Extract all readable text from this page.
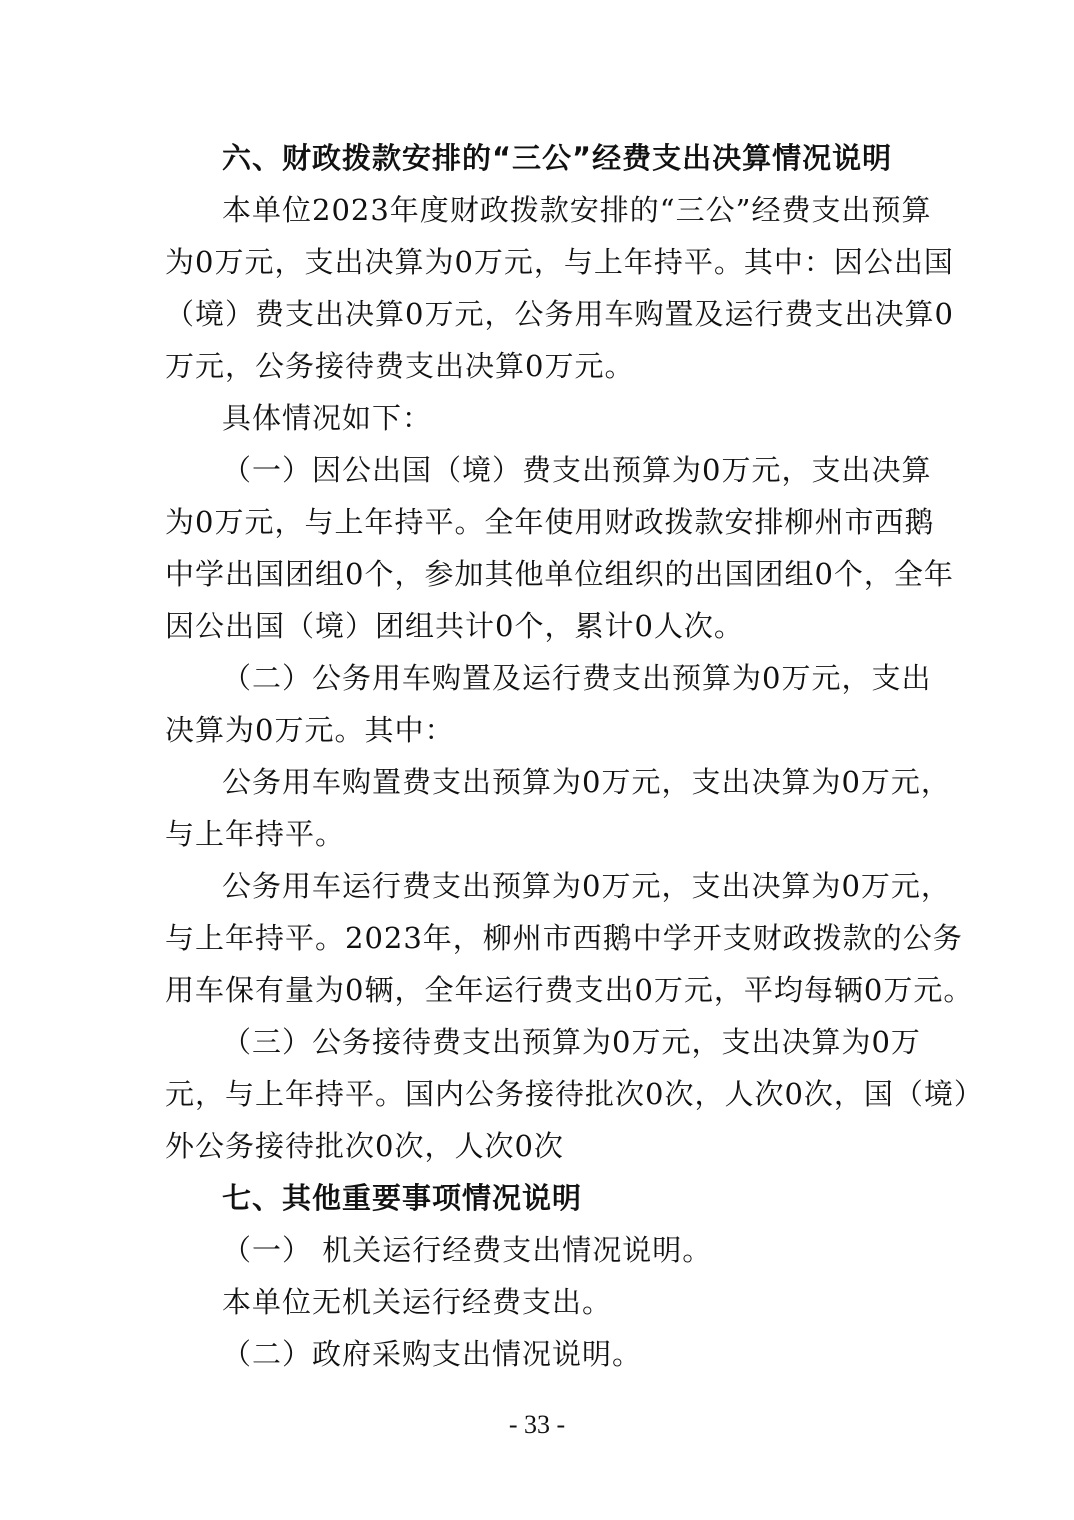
六、财政拨款安排的“三公”经费支出决算情况说明
本单位2023年度财政拨款安排的“三公”经费支出预算
为0万元，支出决算为0万元，与上年持平。其中：因公出国
（境）费支出决算0万元，公务用车购置及运行费支出决算0
万元，公务接待费支出决算0万元。
具体情况如下：
（一）因公出国（境）费支出预算为0万元，支出决算
为0万元，与上年持平。全年使用财政拨款安排柳州市西鹅
中学出国团组0个，参加其他单位组织的出国团组0个，全年
因公出国（境）团组共计0个，累计0人次。
（二）公务用车购置及运行费支出预算为0万元，支出
决算为0万元。其中：
公务用车购置费支出预算为0万元，支出决算为0万元，
与上年持平。
公务用车运行费支出预算为0万元，支出决算为0万元，
与上年持平。2023年，柳州市西鹅中学开支财政拨款的公务
用车保有量为0辆，全年运行费支出0万元，平均每辆0万元。
（三）公务接待费支出预算为0万元，支出决算为0万
元，与上年持平。国内公务接待批次0次，人次0次，国（境）
外公务接待批次0次，人次0次
七、其他重要事项情况说明
（一） 机关运行经费支出情况说明。
本单位无机关运行经费支出。
（二）政府采购支出情况说明。
- 33 -
